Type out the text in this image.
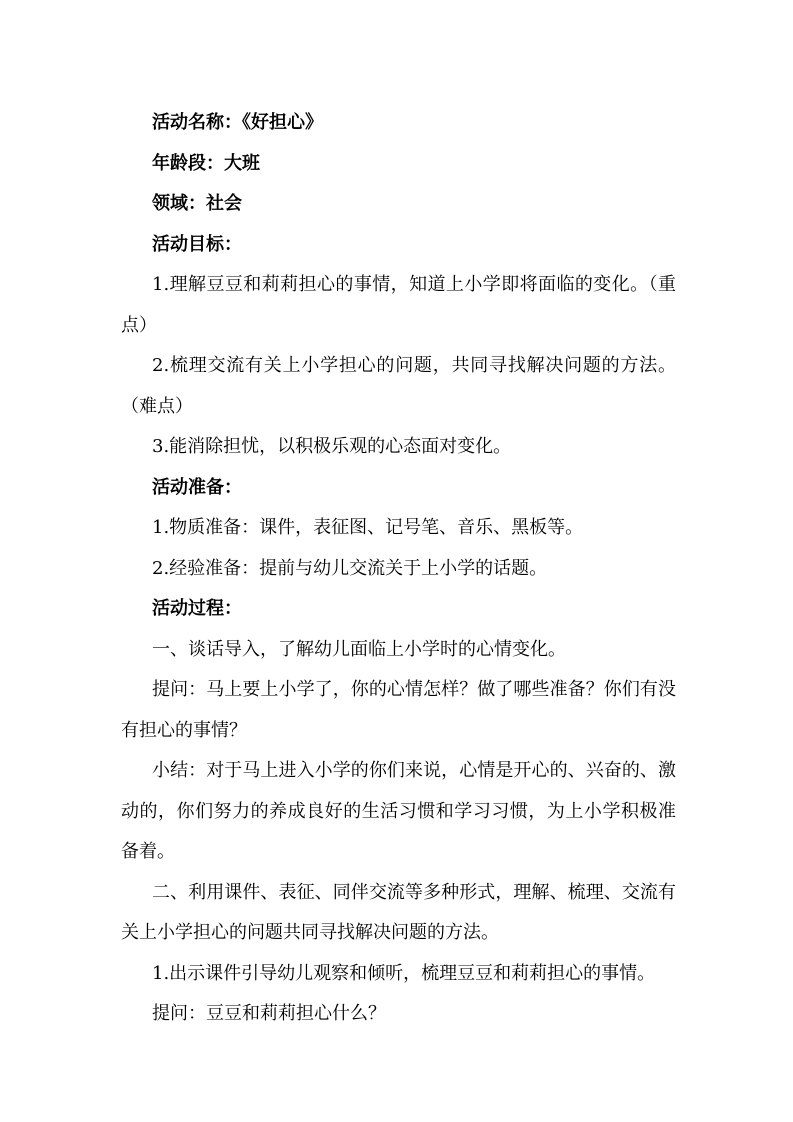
活动名称：《好担心》

年龄段：大班

领域：社会

活动目标：

1.理解豆豆和莉莉担心的事情，知道上小学即将面临的变化。（重点）

2.梳理交流有关上小学担心的问题，共同寻找解决问题的方法。（难点）

3.能消除担忧，以积极乐观的心态面对变化。

活动准备：

1.物质准备：课件，表征图、记号笔、音乐、黑板等。

2.经验准备：提前与幼儿交流关于上小学的话题。

活动过程：

一、谈话导入，了解幼儿面临上小学时的心情变化。

提问：马上要上小学了，你的心情怎样？做了哪些准备？你们有没有担心的事情？

小结：对于马上进入小学的你们来说，心情是开心的、兴奋的、激动的，你们努力的养成良好的生活习惯和学习习惯，为上小学积极准备着。

二、利用课件、表征、同伴交流等多种形式，理解、梳理、交流有关上小学担心的问题共同寻找解决问题的方法。

1.出示课件引导幼儿观察和倾听，梳理豆豆和莉莉担心的事情。

提问：豆豆和莉莉担心什么？
